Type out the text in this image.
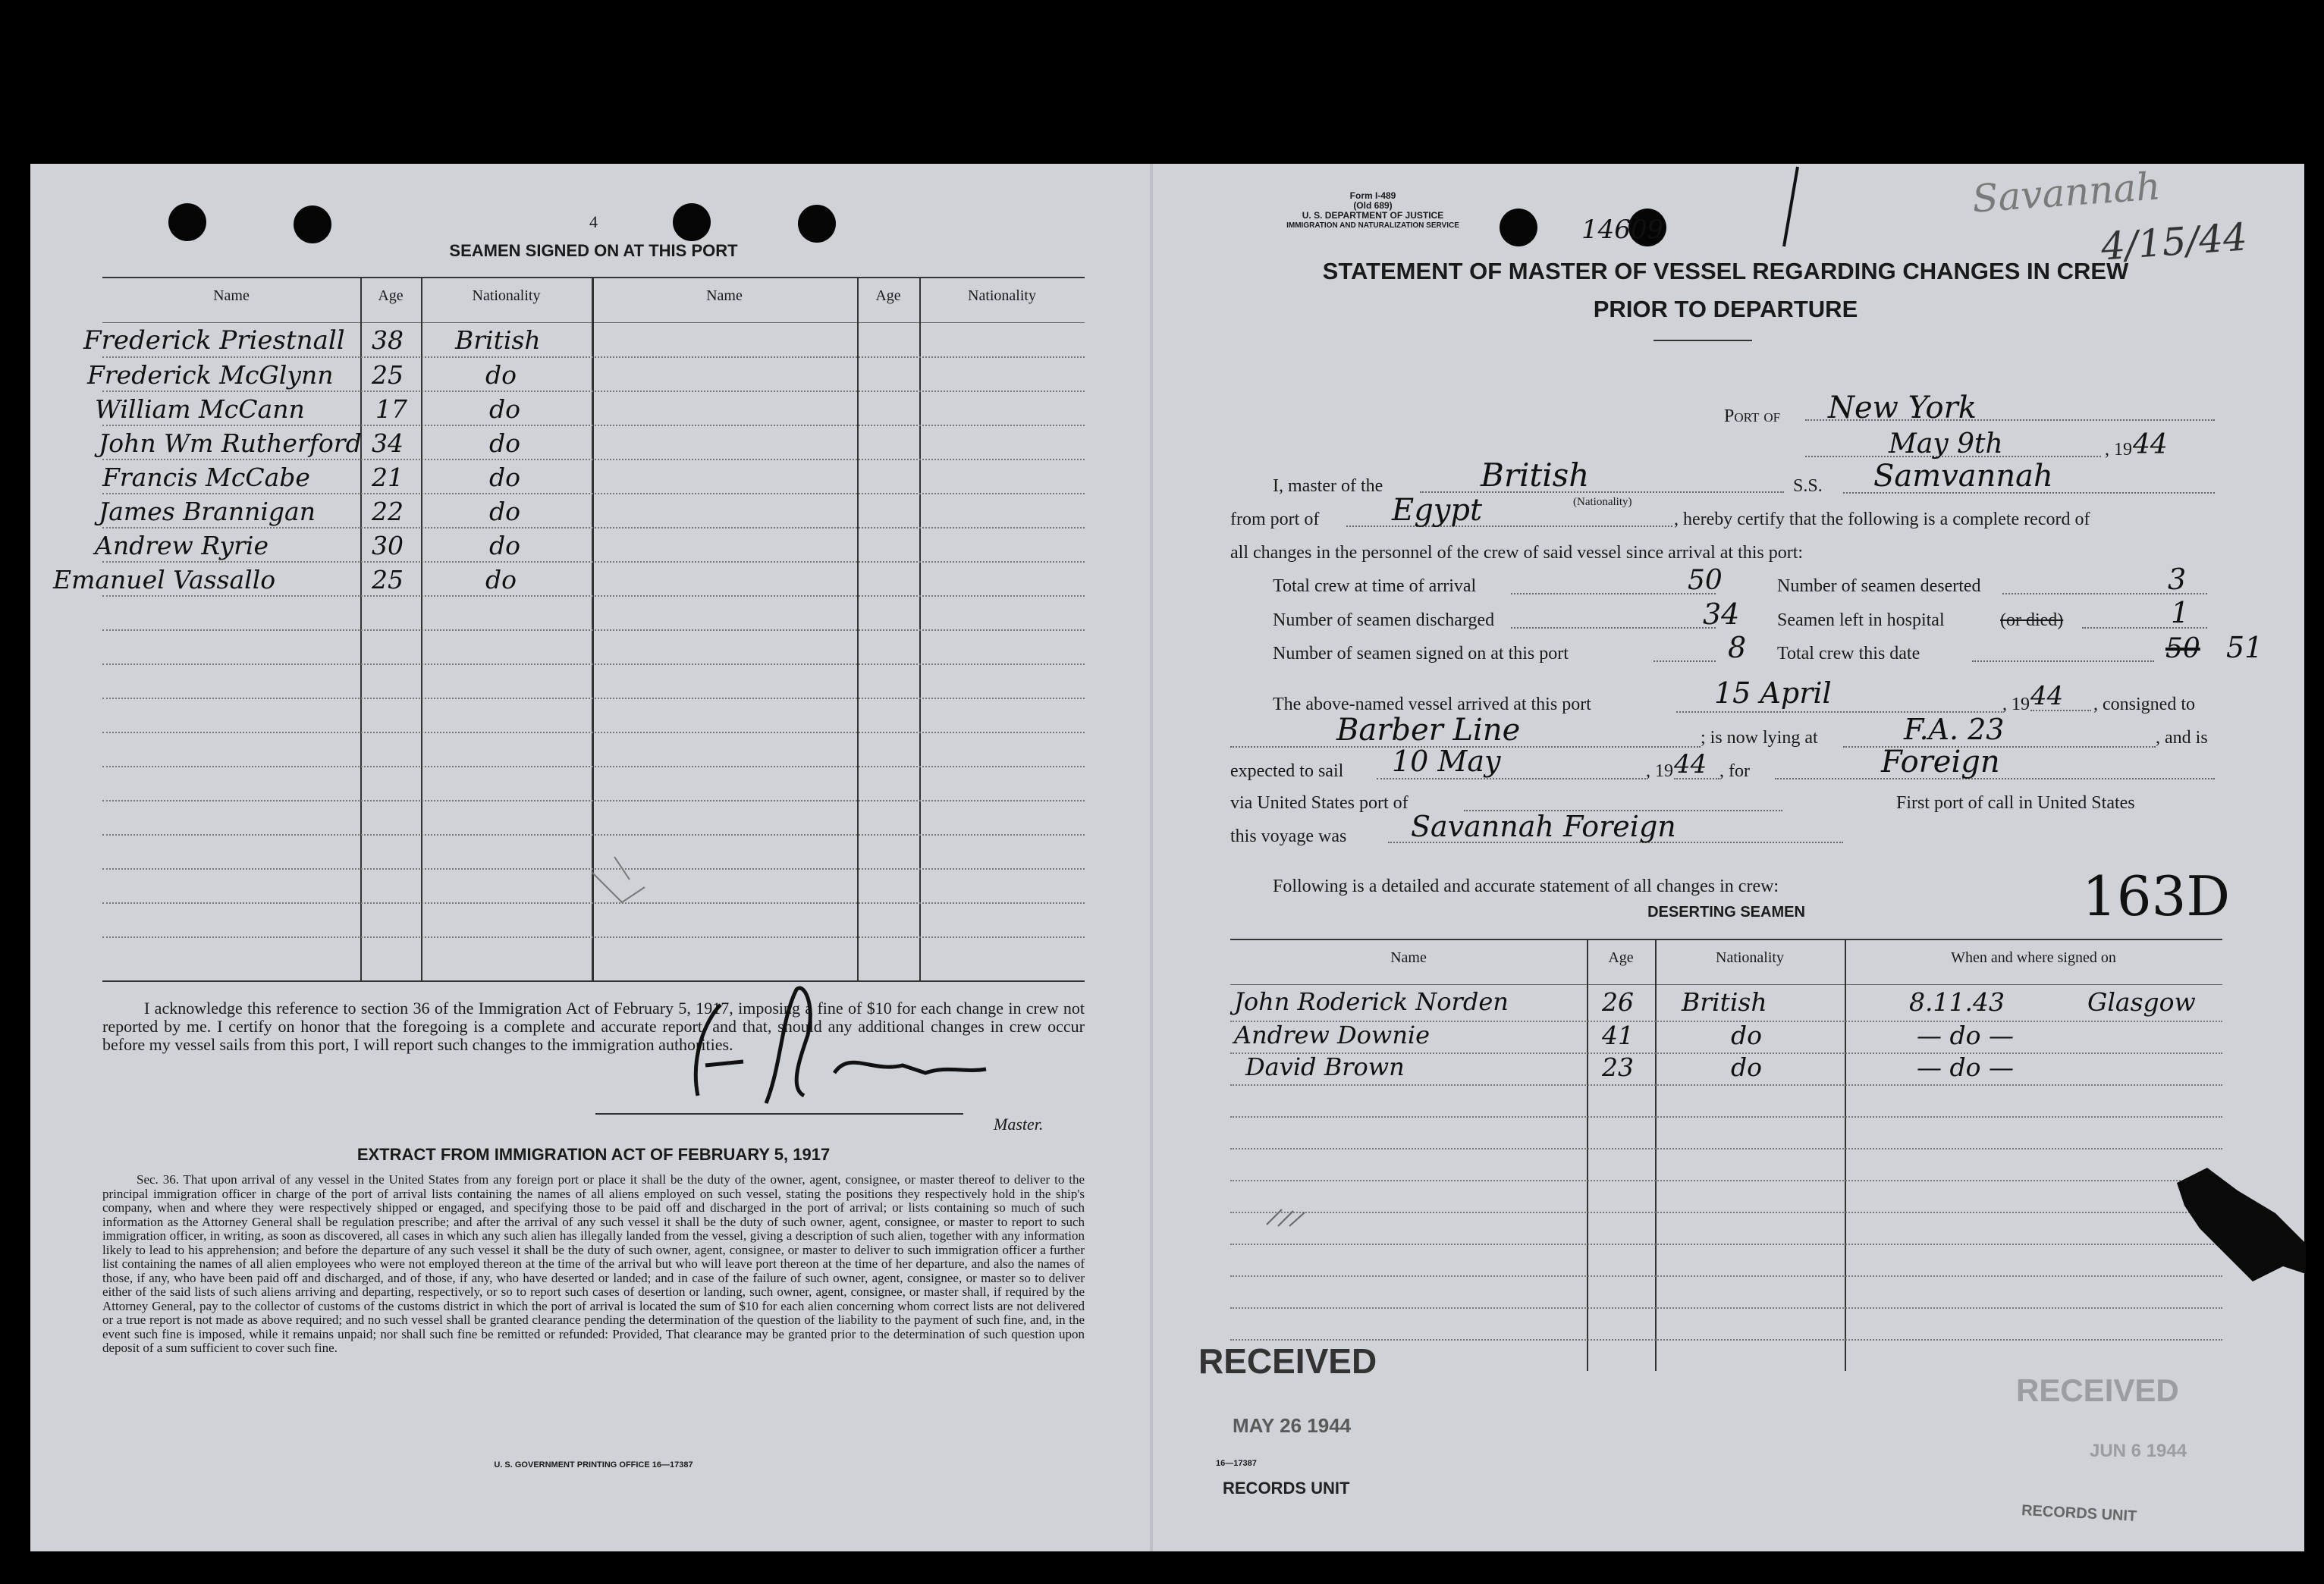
4
SEAMEN SIGNED ON AT THIS PORT
Name	Age	Nationality	Name	Age	Nationality
Frederick Priestnall 38 British
Frederick McGlynn 25	do
William McCann	17	do
John Wm Rutherford 34	do
Francis McCabe 21	do
James Brannigan 22	do
Andrew Ryrie	30	do
Emanuel Vassallo	25	do
I acknowledge this reference to section 36 of the Immigration Act of February 5, 1917, imposing a fine of $10 for each change in crew not reported by me. I certify on honor that the foregoing is a complete and accurate report, and that, should any additional changes in crew occur before my vessel sails from this port, I will report such changes to the immigration authorities.
Master.
EXTRACT FROM IMMIGRATION ACT OF FEBRUARY 5, 1917
Sec. 36. That upon arrival of any vessel in the United States from any foreign port or place it shall be the duty of the owner, agent, consignee, or master thereof to deliver to the principal immigration officer in charge of the port of arrival lists containing the names of all aliens employed on such vessel, stating the positions they respectively hold in the ship's company, when and where they were respectively shipped or engaged, and specifying those to be paid off and discharged in the port of arrival; or lists containing so much of such information as the Attorney General shall be regulation prescribe; and after the arrival of any such vessel it shall be the duty of such owner, agent, consignee, or master to report to such immigration officer, in writing, as soon as discovered, all cases in which any such alien has illegally landed from the vessel, giving a description of such alien, together with any information likely to lead to his apprehension; and before the departure of any such vessel it shall be the duty of such owner, agent, consignee, or master to deliver to such immigration officer a further list containing the names of all alien employees who were not employed thereon at the time of the arrival but who will leave port thereon at the time of her departure, and also the names of those, if any, who have been paid off and discharged, and of those, if any, who have deserted or landed; and in case of the failure of such owner, agent, consignee, or master so to deliver either of the said lists of such aliens arriving and departing, respectively, or so to report such cases of desertion or landing, such owner, agent, consignee, or master shall, if required by the Attorney General, pay to the collector of customs of the customs district in which the port of arrival is located the sum of $10 for each alien concerning whom correct lists are not delivered or a true report is not made as above required; and no such vessel shall be granted clearance pending the determination of the question of the liability to the payment of such fine, and, in the event such fine is imposed, while it remains unpaid; nor shall such fine be remitted or refunded: Provided, That clearance may be granted prior to the determination of such question upon deposit of a sum sufficient to cover such fine.
U. S. GOVERNMENT PRINTING OFFICE 16—17387
Form I-489
(Old 689)
U. S. DEPARTMENT OF JUSTICE
IMMIGRATION AND NATURALIZATION SERVICE	14609
Savannah
4/15/44
STATEMENT OF MASTER OF VESSEL REGARDING CHANGES IN CREW
PRIOR TO DEPARTURE
Port of	New York
May 9th	, 19 44
I, master of the	British
(Nationality)
S.S.	Samvannah
from port of	Egypt	, hereby certify that the following is a complete record of
all changes in the personnel of the crew of said vessel since arrival at this port:
Total crew at time of arrival	50	Number of seamen deserted	3
Number of seamen discharged	34 Seamen left in hospital	(or died)	1
Number of seamen signed on at this port	8 Total crew this date	50 51
The above-named vessel arrived at this port	15 April	, 19 44	, consigned to
Barber Line	; is now lying at	F.A. 23	, and is
expected to sail	10 May	, 19 44 , for	Foreign
via United States port of	First port of call in United States
this voyage was	Savannah Foreign
Following is a detailed and accurate statement of all changes in crew:	163D
DESERTING SEAMEN
Name	Age	Nationality	When and where signed on
John Roderick Norden	26 British	8.11.43	Glasgow
Andrew Downie	41	do	— do —
David Brown	23	do	— do —
RECEIVED
MAY 26 1944
16—17387
RECORDS UNIT
RECEIVED
JUN 6 1944
RECORDS UNIT
